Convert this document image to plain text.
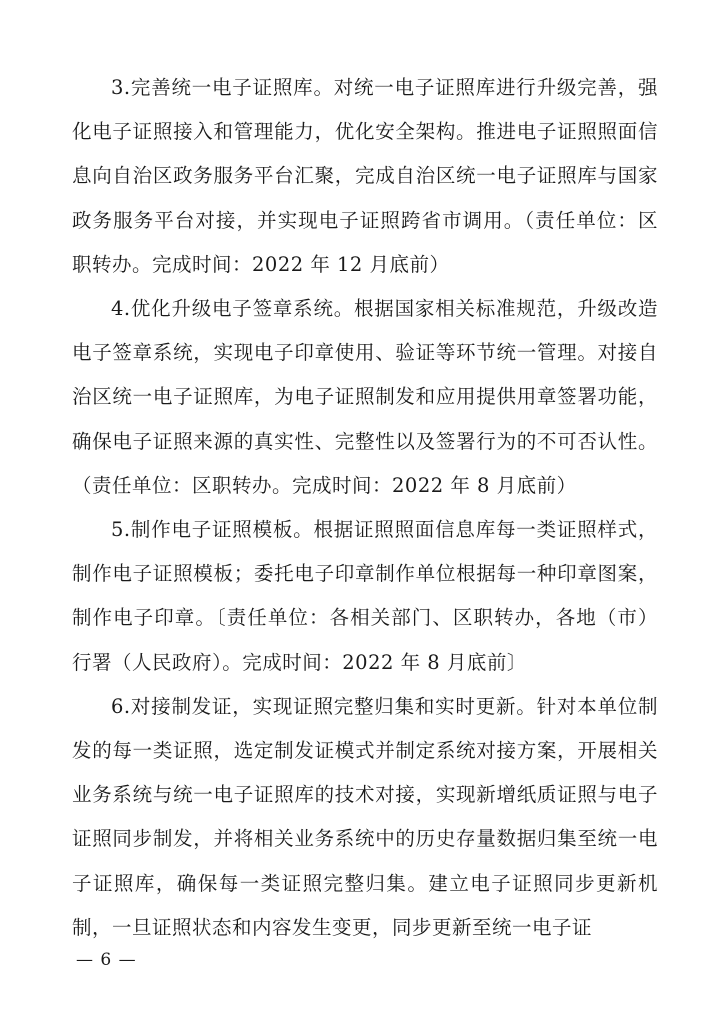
3.完善统一电子证照库。对统一电子证照库进行升级完善，强化电子证照接入和管理能力，优化安全架构。推进电子证照照面信息向自治区政务服务平台汇聚，完成自治区统一电子证照库与国家政务服务平台对接，并实现电子证照跨省市调用。（责任单位：区职转办。完成时间：2022 年 12 月底前）

4.优化升级电子签章系统。根据国家相关标准规范，升级改造电子签章系统，实现电子印章使用、验证等环节统一管理。对接自治区统一电子证照库，为电子证照制发和应用提供用章签署功能，确保电子证照来源的真实性、完整性以及签署行为的不可否认性。（责任单位：区职转办。完成时间：2022 年 8 月底前）

5.制作电子证照模板。根据证照照面信息库每一类证照样式，制作电子证照模板；委托电子印章制作单位根据每一种印章图案，制作电子印章。〔责任单位：各相关部门、区职转办，各地（市）行署（人民政府）。完成时间：2022 年 8 月底前〕

6.对接制发证，实现证照完整归集和实时更新。针对本单位制发的每一类证照，选定制发证模式并制定系统对接方案，开展相关业务系统与统一电子证照库的技术对接，实现新增纸质证照与电子证照同步制发，并将相关业务系统中的历史存量数据归集至统一电子证照库，确保每一类证照完整归集。建立电子证照同步更新机制，一旦证照状态和内容发生变更，同步更新至统一电子证

— 6 —
